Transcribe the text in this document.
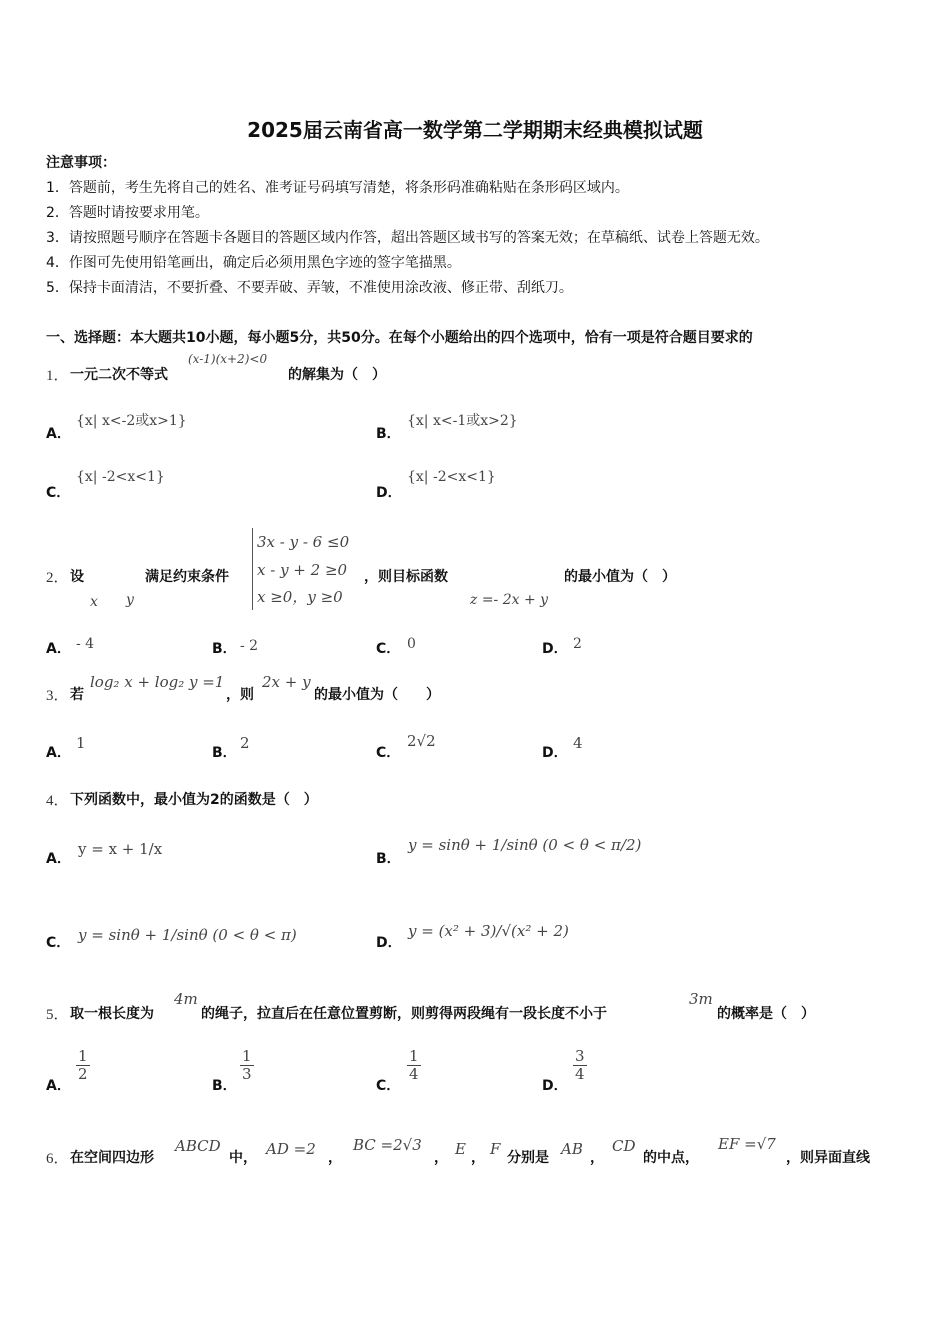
2025届云南省高一数学第二学期期末经典模拟试题
注意事项：
1．答题前，考生先将自己的姓名、准考证号码填写清楚，将条形码准确粘贴在条形码区域内。
2．答题时请按要求用笔。
3．请按照题号顺序在答题卡各题目的答题区域内作答，超出答题区域书写的答案无效；在草稿纸、试卷上答题无效。
4．作图可先使用铅笔画出，确定后必须用黑色字迹的签字笔描黑。
5．保持卡面清洁，不要折叠、不要弄破、弄皱，不准使用涂改液、修正带、刮纸刀。
一、选择题：本大题共10小题，每小题5分，共50分。在每个小题给出的四个选项中，恰有一项是符合题目要求的
1． 一元二次不等式
(x-1)(x+2)<0
的解集为（　）
A．
{x| x<-2或x>1}
B．
{x| x<-1或x>2}
C．
{x| -2<x<1}
D．
{x| -2<x<1}
2． 设
x y
满足约束条件
3x - y - 6 ≤0
x - y + 2 ≥0
x ≥0，y ≥0
，则目标函数
z =- 2x + y
的最小值为（　）
A． - 4	B． - 2	C． 0	D． 2
3． 若
log₂ x + log₂ y =1
，则
2x + y
的最小值为（　　）
A．
1
B．
2
C．
2√2
D．
4
4． 下列函数中，最小值为2的函数是（　）
A．
y = x + 1/x
B．
y = sinθ + 1/sinθ (0 < θ < π/2)
C． y = sinθ + 1/sinθ (0 < θ < π)	D．
y = (x² + 3)/√(x² + 2)
5． 取一根长度为
4m
的绳子，拉直后在任意位置剪断，则剪得两段绳有一段长度不小于
3m
的概率是（　）
A．
$\frac{1}{2}$
B．
$\frac{1}{3}$
C．
$\frac{1}{4}$
D．
$\frac{3}{4}$
6． 在空间四边形
ABCD
中， AD =2 ，
BC =2√3
， E ， F 分别是 AB ，
CD
的中点，
EF =√7
，则异面直线
